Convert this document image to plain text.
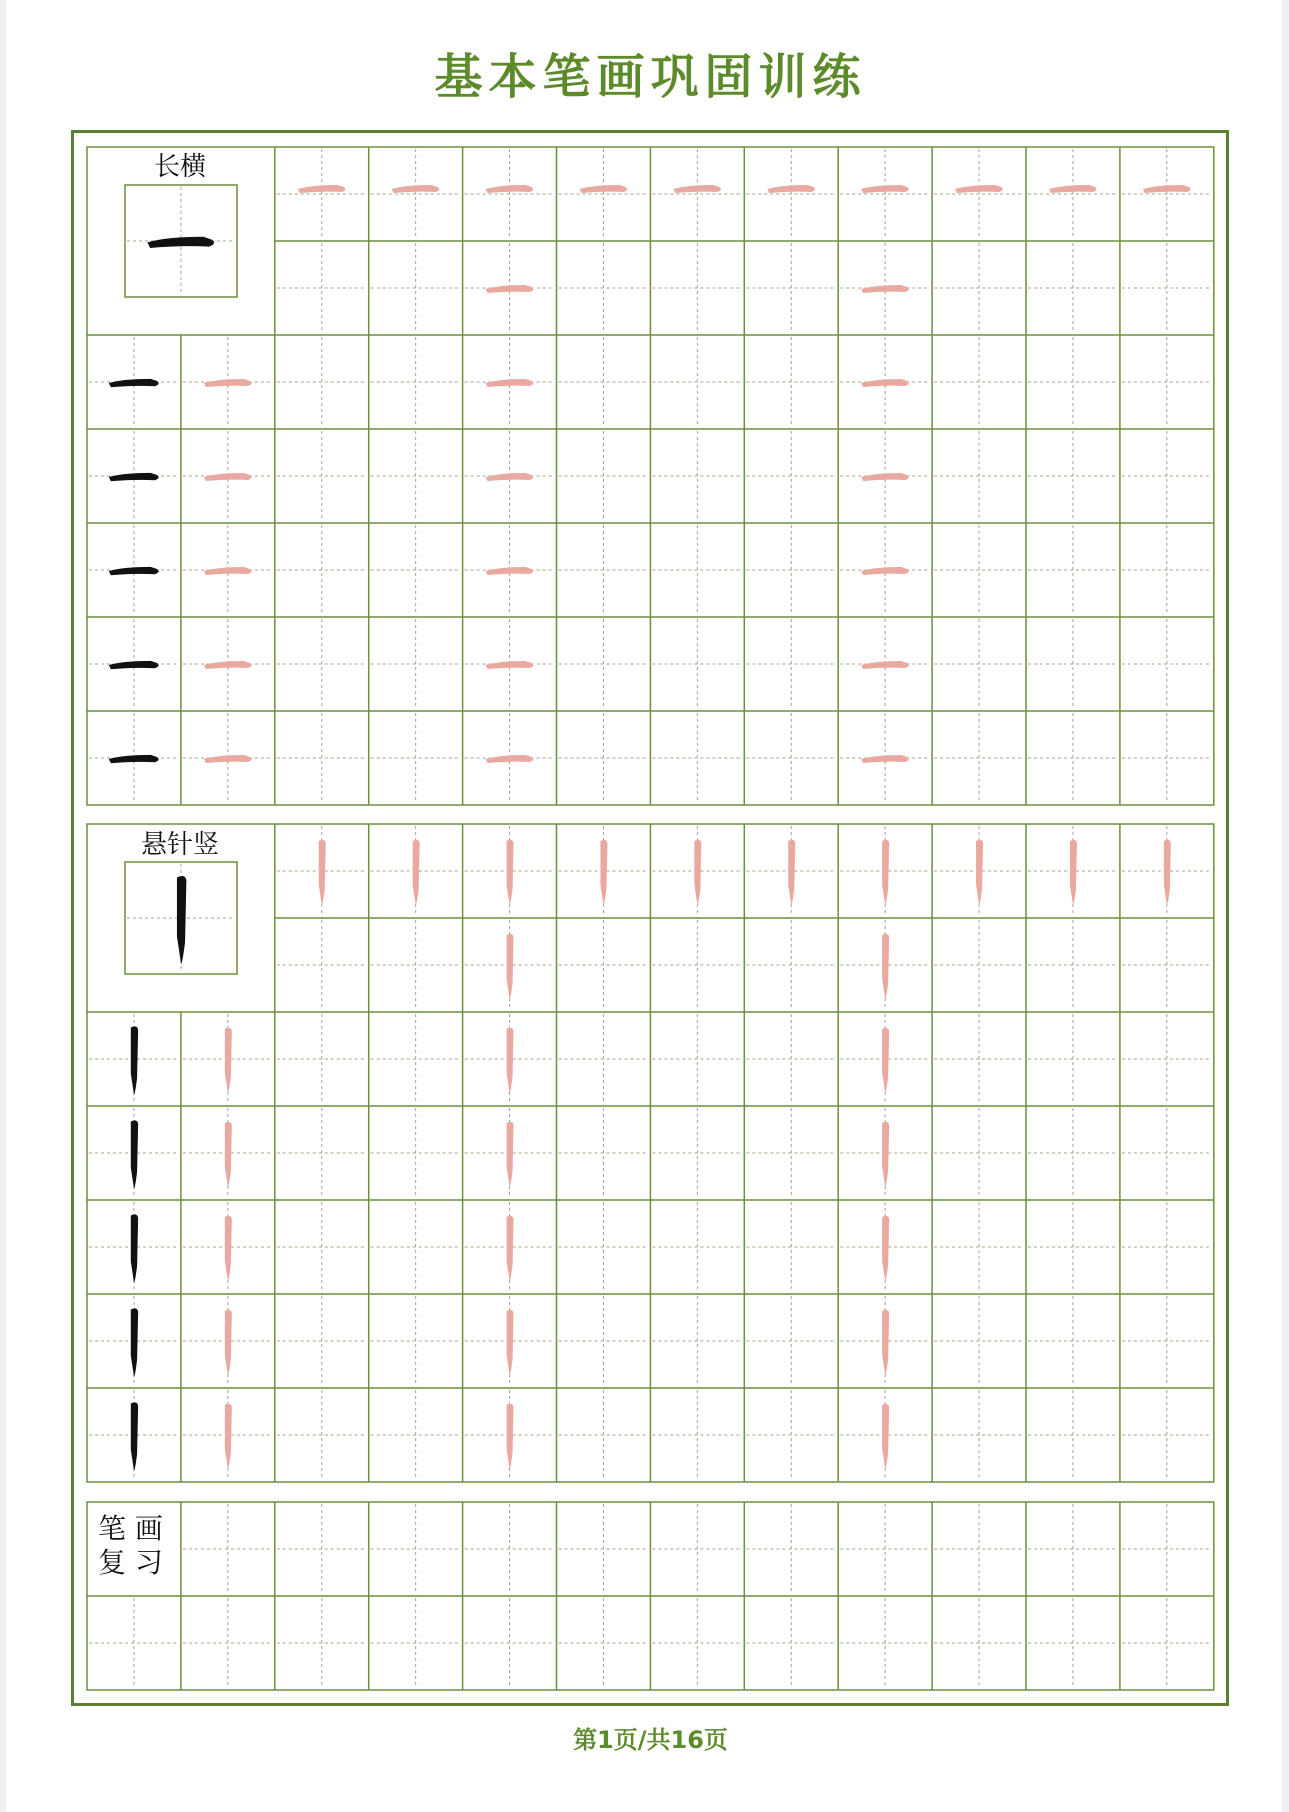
基本笔画巩固训练
长横
悬针竖
笔 画
复 习
第1页/共16页
